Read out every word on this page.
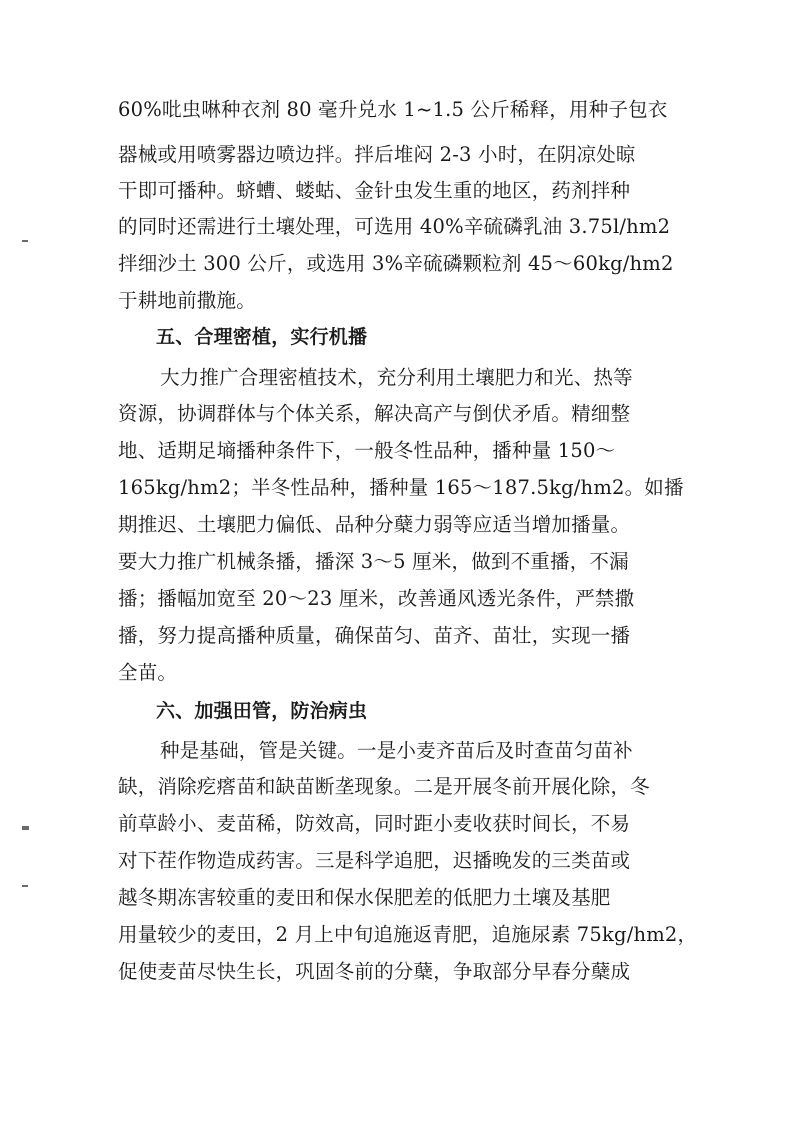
60%吡虫啉种衣剂 80 毫升兑水 1~1.5 公斤稀释，用种子包衣
器械或用喷雾器边喷边拌。拌后堆闷 2-3 小时，在阴凉处晾
干即可播种。蛴螬、蝼蛄、金针虫发生重的地区，药剂拌种
的同时还需进行土壤处理，可选用 40%辛硫磷乳油 3.75l/hm2
拌细沙土 300 公斤，或选用 3%辛硫磷颗粒剂 45～60kg/hm2
于耕地前撒施。
五、合理密植，实行机播
大力推广合理密植技术，充分利用土壤肥力和光、热等
资源，协调群体与个体关系，解决高产与倒伏矛盾。精细整
地、适期足墒播种条件下，一般冬性品种，播种量 150～
165kg/hm2；半冬性品种，播种量 165～187.5kg/hm2。如播
期推迟、土壤肥力偏低、品种分蘖力弱等应适当增加播量。
要大力推广机械条播，播深 3～5 厘米，做到不重播，不漏
播；播幅加宽至 20～23 厘米，改善通风透光条件，严禁撒
播，努力提高播种质量，确保苗匀、苗齐、苗壮，实现一播
全苗。
六、加强田管，防治病虫
种是基础，管是关键。一是小麦齐苗后及时查苗匀苗补
缺，消除疙瘩苗和缺苗断垄现象。二是开展冬前开展化除，冬
前草龄小、麦苗稀，防效高，同时距小麦收获时间长，不易
对下茬作物造成药害。三是科学追肥，迟播晚发的三类苗或
越冬期冻害较重的麦田和保水保肥差的低肥力土壤及基肥
用量较少的麦田，2 月上中旬追施返青肥，追施尿素 75kg/hm2，
促使麦苗尽快生长，巩固冬前的分蘖，争取部分早春分蘖成
